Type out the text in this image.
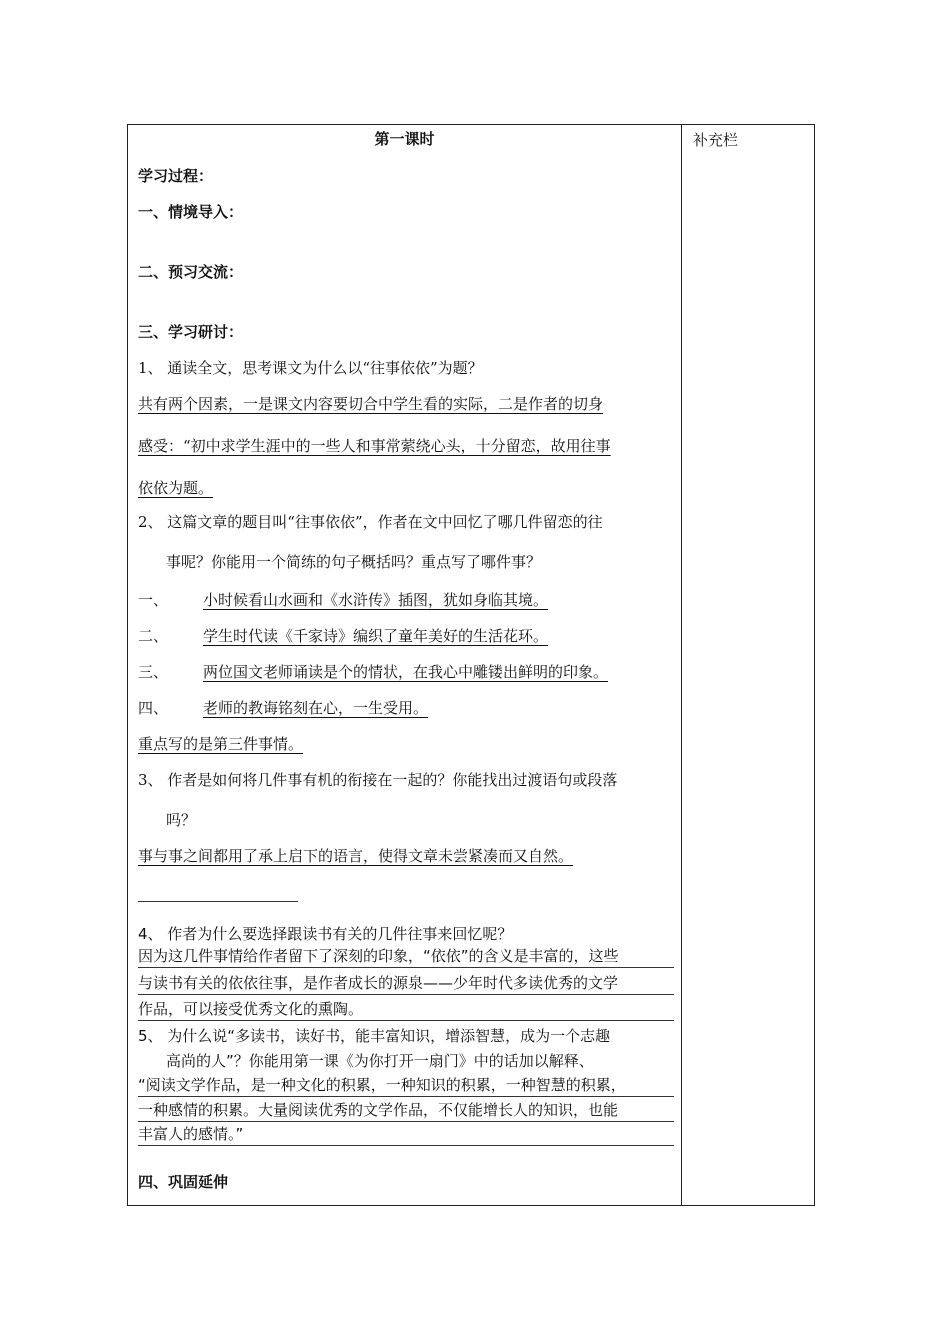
补充栏
第一课时
学习过程：
一、情境导入：
二、预习交流：
三、学习研讨：
1、 通读全文，思考课文为什么以“往事依依”为题？
共有两个因素，一是课文内容要切合中学生看的实际，二是作者的切身
感受：“初中求学生涯中的一些人和事常萦绕心头，十分留恋，故用往事
依依为题。
2、 这篇文章的题目叫“往事依依”，作者在文中回忆了哪几件留恋的往
事呢？你能用一个简练的句子概括吗？重点写了哪件事？
一、 小时候看山水画和《水浒传》插图，犹如身临其境。
二、 学生时代读《千家诗》编织了童年美好的生活花环。
三、 两位国文老师诵读是个的情状，在我心中雕镂出鲜明的印象。
四、 老师的教诲铭刻在心，一生受用。
重点写的是第三件事情。
3、 作者是如何将几件事有机的衔接在一起的？你能找出过渡语句或段落
吗？
事与事之间都用了承上启下的语言，使得文章未尝紧凑而又自然。
4、 作者为什么要选择跟读书有关的几件往事来回忆呢？
因为这几件事情给作者留下了深刻的印象，“依依”的含义是丰富的，这些
与读书有关的依依往事，是作者成长的源泉——少年时代多读优秀的文学
作品，可以接受优秀文化的熏陶。
5、 为什么说“多读书，读好书，能丰富知识，增添智慧，成为一个志趣
高尚的人”？你能用第一课《为你打开一扇门》中的话加以解释、
“阅读文学作品，是一种文化的积累，一种知识的积累，一种智慧的积累，
一种感情的积累。大量阅读优秀的文学作品，不仅能增长人的知识，也能
丰富人的感情。”
四、巩固延伸
